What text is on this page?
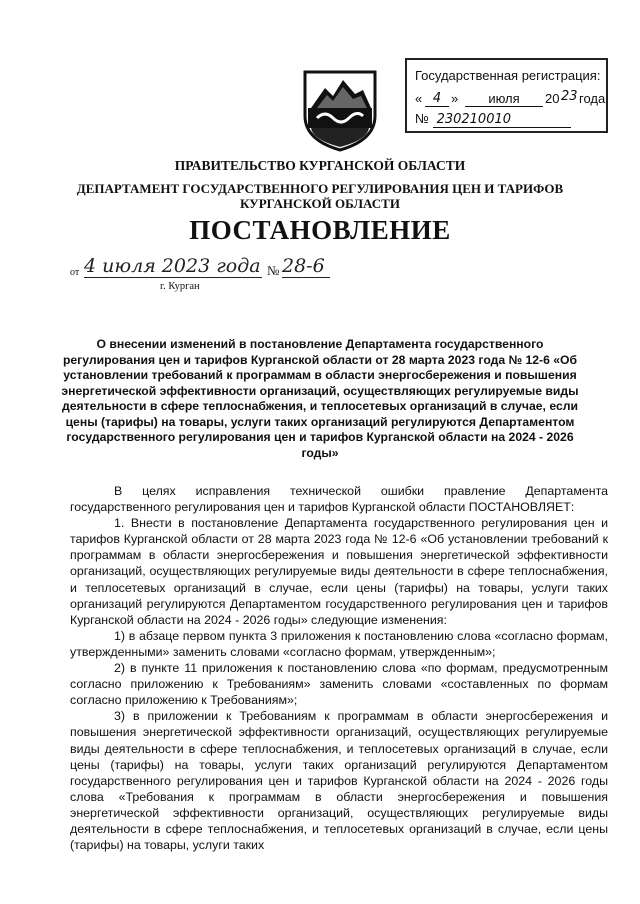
Государственная регистрация:
« 4 »	июля	20 23 года
№ 230210010
ПРАВИТЕЛЬСТВО КУРГАНСКОЙ ОБЛАСТИ
ДЕПАРТАМЕНТ ГОСУДАРСТВЕННОГО РЕГУЛИРОВАНИЯ ЦЕН И ТАРИФОВ
КУРГАНСКОЙ ОБЛАСТИ
ПОСТАНОВЛЕНИЕ
от 4 июля 2023 года № 28-6
г. Курган
О внесении изменений в постановление Департамента государственного регулирования цен и тарифов Курганской области от 28 марта 2023 года № 12-6 «Об установлении требований к программам в области энергосбережения и повышения энергетической эффективности организаций, осуществляющих регулируемые виды деятельности в сфере теплоснабжения, и теплосетевых организаций в случае, если цены (тарифы) на товары, услуги таких организаций регулируются Департаментом государственного регулирования цен и тарифов Курганской области на 2024 - 2026 годы»

В целях исправления технической ошибки правление Департамента государственного регулирования цен и тарифов Курганской области ПОСТАНОВЛЯЕТ:

1. Внести в постановление Департамента государственного регулирования цен и тарифов Курганской области от 28 марта 2023 года № 12-6 «Об установлении требований к программам в области энергосбережения и повышения энергетической эффективности организаций, осуществляющих регулируемые виды деятельности в сфере теплоснабжения, и теплосетевых организаций в случае, если цены (тарифы) на товары, услуги таких организаций регулируются Департаментом государственного регулирования цен и тарифов Курганской области на 2024 - 2026 годы» следующие изменения:

1) в абзаце первом пункта 3 приложения к постановлению слова «согласно формам, утвержденными» заменить словами «согласно формам, утвержденным»;

2) в пункте 11 приложения к постановлению слова «по формам, предусмотренным согласно приложению к Требованиям» заменить словами «составленных по формам согласно приложению к Требованиям»;

3) в приложении к Требованиям к программам в области энергосбережения и повышения энергетической эффективности организаций, осуществляющих регулируемые виды деятельности в сфере теплоснабжения, и теплосетевых организаций в случае, если цены (тарифы) на товары, услуги таких организаций регулируются Департаментом государственного регулирования цен и тарифов Курганской области на 2024 - 2026 годы слова «Требования к программам в области энергосбережения и повышения энергетической эффективности организаций, осуществляющих регулируемые виды деятельности в сфере теплоснабжения, и теплосетевых организаций в случае, если цены (тарифы) на товары, услуги таких
